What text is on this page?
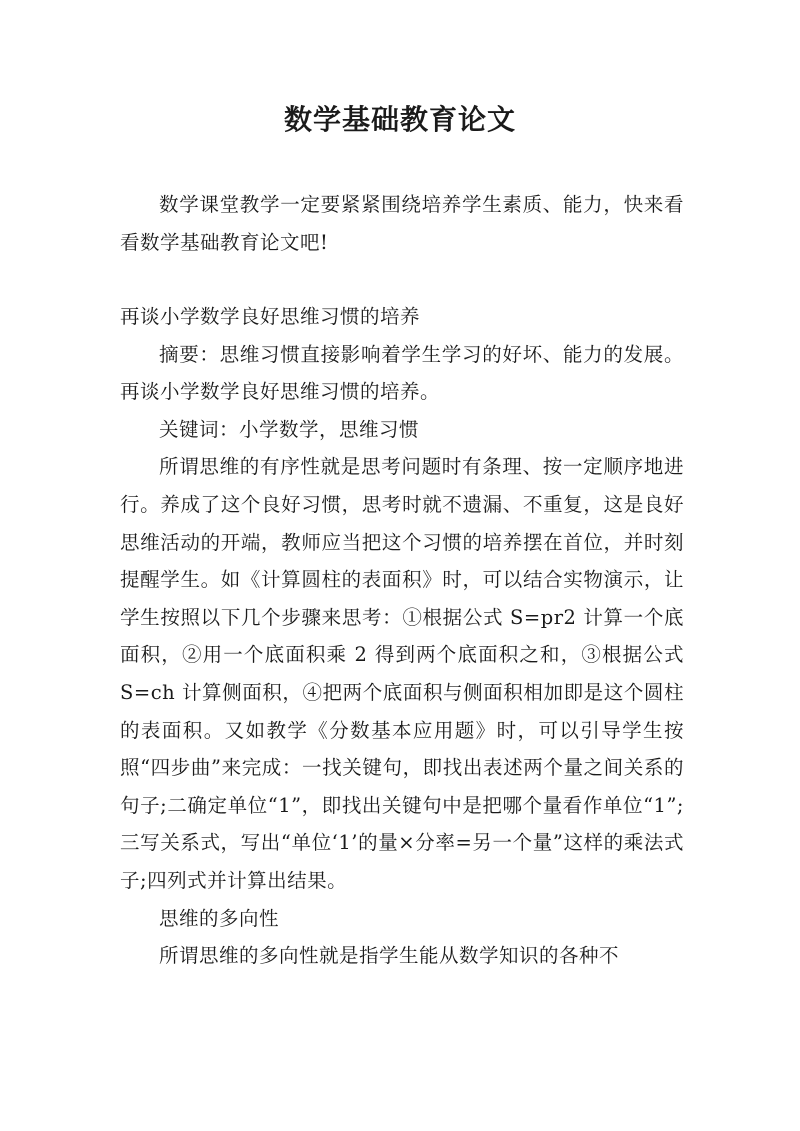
数学基础教育论文

数学课堂教学一定要紧紧围绕培养学生素质、能力，快来看看数学基础教育论文吧!

再谈小学数学良好思维习惯的培养

摘要：思维习惯直接影响着学生学习的好坏、能力的发展。再谈小学数学良好思维习惯的培养。

关键词：小学数学，思维习惯

所谓思维的有序性就是思考问题时有条理、按一定顺序地进行。养成了这个良好习惯，思考时就不遗漏、不重复，这是良好思维活动的开端，教师应当把这个习惯的培养摆在首位，并时刻提醒学生。如《计算圆柱的表面积》时，可以结合实物演示，让学生按照以下几个步骤来思考：①根据公式 S=pr2 计算一个底面积，②用一个底面积乘 2 得到两个底面积之和，③根据公式 S=ch 计算侧面积，④把两个底面积与侧面积相加即是这个圆柱的表面积。又如教学《分数基本应用题》时，可以引导学生按照“四步曲”来完成：一找关键句，即找出表述两个量之间关系的句子;二确定单位“1”，即找出关键句中是把哪个量看作单位“1”;三写关系式，写出“单位‘1’的量×分率=另一个量”这样的乘法式子;四列式并计算出结果。

思维的多向性

所谓思维的多向性就是指学生能从数学知识的各种不
